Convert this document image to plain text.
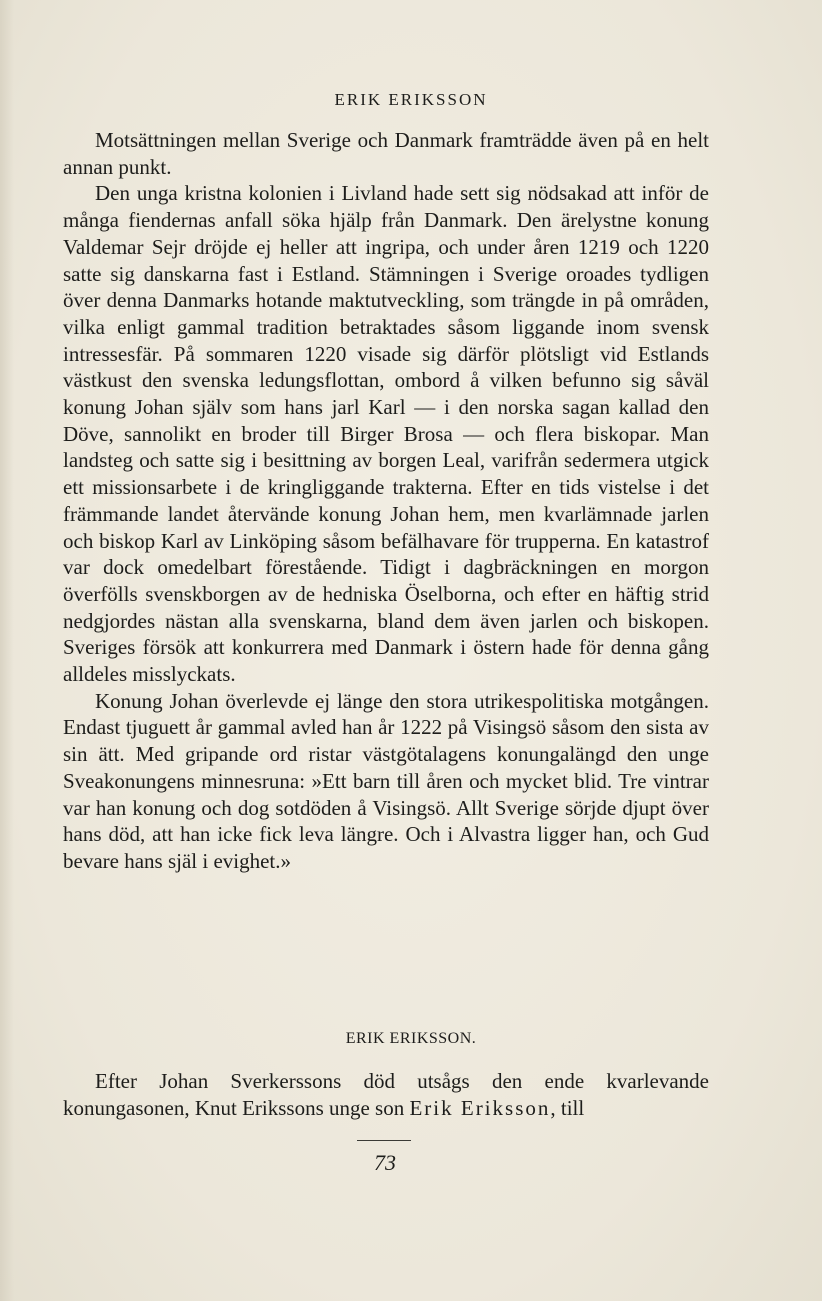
ERIK ERIKSSON

Motsättningen mellan Sverige och Danmark framträdde även på en helt annan punkt.

Den unga kristna kolonien i Livland hade sett sig nödsakad att inför de många fiendernas anfall söka hjälp från Danmark. Den ärelystne konung Valdemar Sejr dröjde ej heller att ingripa, och under åren 1219 och 1220 satte sig danskarna fast i Estland. Stämningen i Sverige oroades tydligen över denna Danmarks hotande maktutveckling, som trängde in på områden, vilka enligt gammal tradition betraktades såsom liggande inom svensk intressesfär. På sommaren 1220 visade sig därför plötsligt vid Estlands västkust den svenska ledungsflottan, ombord å vilken befunno sig såväl konung Johan själv som hans jarl Karl — i den norska sagan kallad den Döve, sannolikt en broder till Birger Brosa — och flera biskopar. Man landsteg och satte sig i besittning av borgen Leal, varifrån sedermera utgick ett missionsarbete i de kringliggande trakterna. Efter en tids vistelse i det främmande landet återvände konung Johan hem, men kvarlämnade jarlen och biskop Karl av Linköping såsom befälhavare för trupperna. En katastrof var dock omedelbart förestående. Tidigt i dagbräckningen en morgon överfölls svenskborgen av de hedniska Öselborna, och efter en häftig strid nedgjordes nästan alla svenskarna, bland dem även jarlen och biskopen. Sveriges försök att konkurrera med Danmark i östern hade för denna gång alldeles misslyckats.

Konung Johan överlevde ej länge den stora utrikespolitiska motgången. Endast tjuguett år gammal avled han år 1222 på Visingsö såsom den sista av sin ätt. Med gripande ord ristar västgötalagens konungalängd den unge Sveakonungens minnesruna: »Ett barn till åren och mycket blid. Tre vintrar var han konung och dog sotdöden å Visingsö. Allt Sverige sörjde djupt över hans död, att han icke fick leva längre. Och i Alvastra ligger han, och Gud bevare hans själ i evighet.»

ERIK ERIKSSON.

Efter Johan Sverkerssons död utsågs den ende kvarlevande konungasonen, Knut Erikssons unge son Erik Eriksson, till

73
